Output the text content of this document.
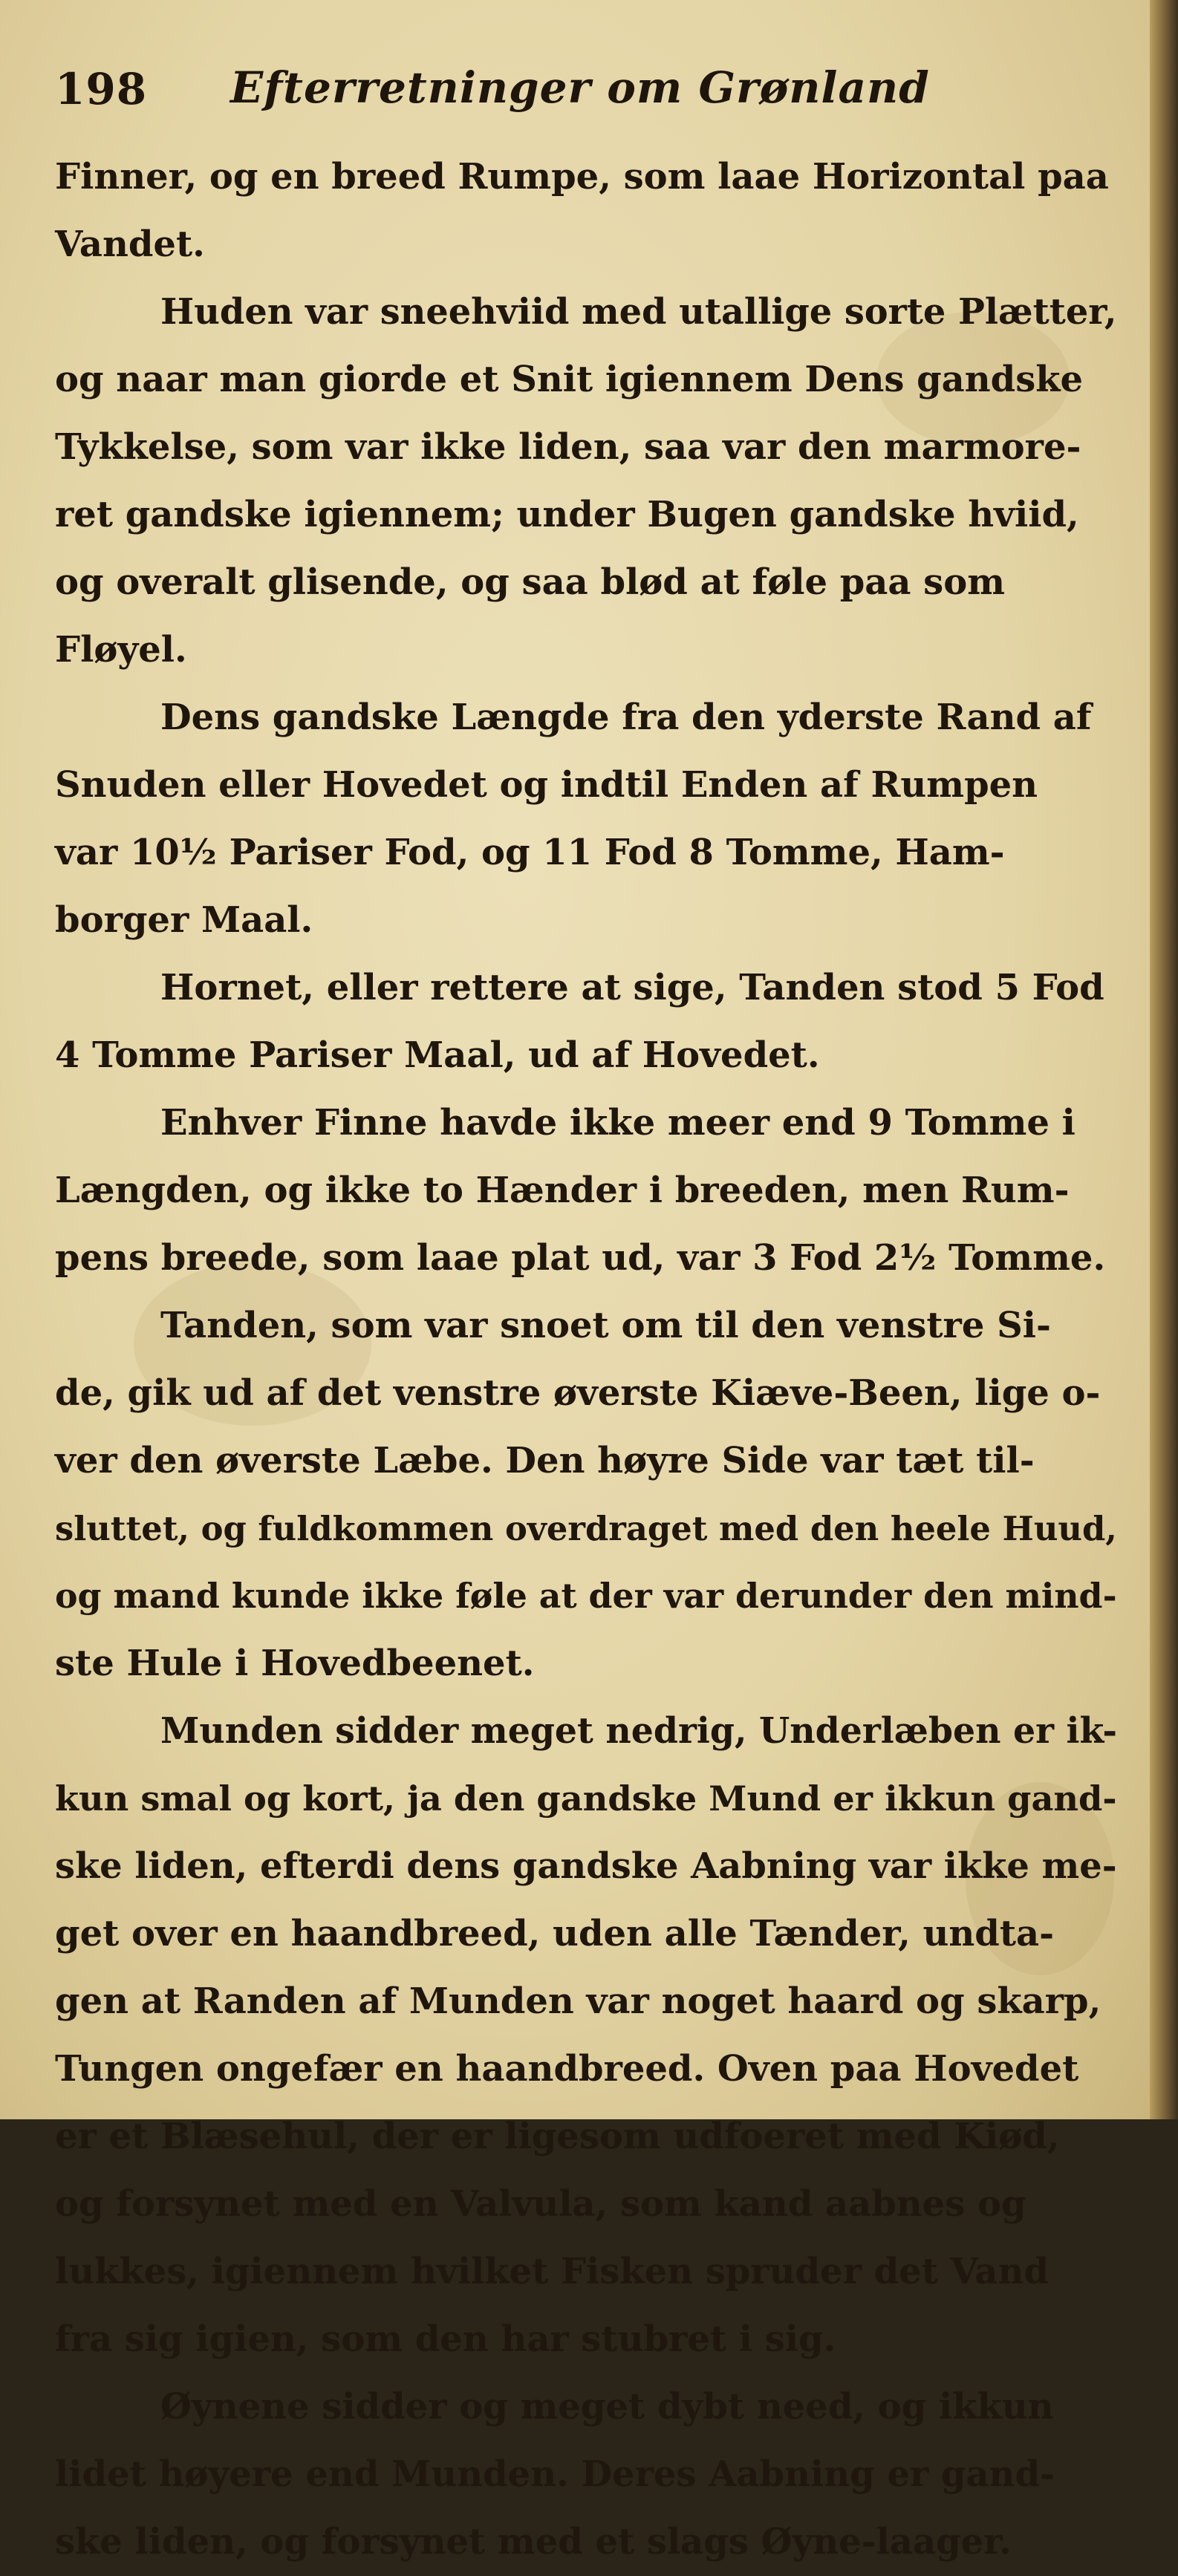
198 Efterretninger om Grønland
Finner, og en breed Rumpe, som laae Horizontal paa
Vandet.
Huden var sneehviid med utallige sorte Plætter,
og naar man giorde et Snit igiennem Dens gandske
Tykkelse, som var ikke liden, saa var den marmore-
ret gandske igiennem; under Bugen gandske hviid,
og overalt glisende, og saa blød at føle paa som
Fløyel.
Dens gandske Længde fra den yderste Rand af
Snuden eller Hovedet og indtil Enden af Rumpen
var 10½ Pariser Fod, og 11 Fod 8 Tomme, Ham-
borger Maal.
Hornet, eller rettere at sige, Tanden stod 5 Fod
4 Tomme Pariser Maal, ud af Hovedet.
Enhver Finne havde ikke meer end 9 Tomme i
Længden, og ikke to Hænder i breeden, men Rum-
pens breede, som laae plat ud, var 3 Fod 2½ Tomme.
Tanden, som var snoet om til den venstre Si-
de, gik ud af det venstre øverste Kiæve-Been, lige o-
ver den øverste Læbe. Den høyre Side var tæt til-
sluttet, og fuldkommen overdraget med den heele Huud,
og mand kunde ikke føle at der var derunder den mind-
ste Hule i Hovedbeenet.
Munden sidder meget nedrig, Underlæben er ik-
kun smal og kort, ja den gandske Mund er ikkun gand-
ske liden, efterdi dens gandske Aabning var ikke me-
get over en haandbreed, uden alle Tænder, undta-
gen at Randen af Munden var noget haard og skarp,
Tungen ongefær en haandbreed. Oven paa Hovedet
er et Blæsehul, der er ligesom udfoeret med Kiød,
og forsynet med en Valvula, som kand aabnes og
lukkes, igiennem hvilket Fisken spruder det Vand
fra sig igien, som den har stubret i sig.
Øynene sidder og meget dybt need, og ikkun
lidet høyere end Munden. Deres Aabning er gand-
ske liden, og forsynet med et slags Øyne-laager.
